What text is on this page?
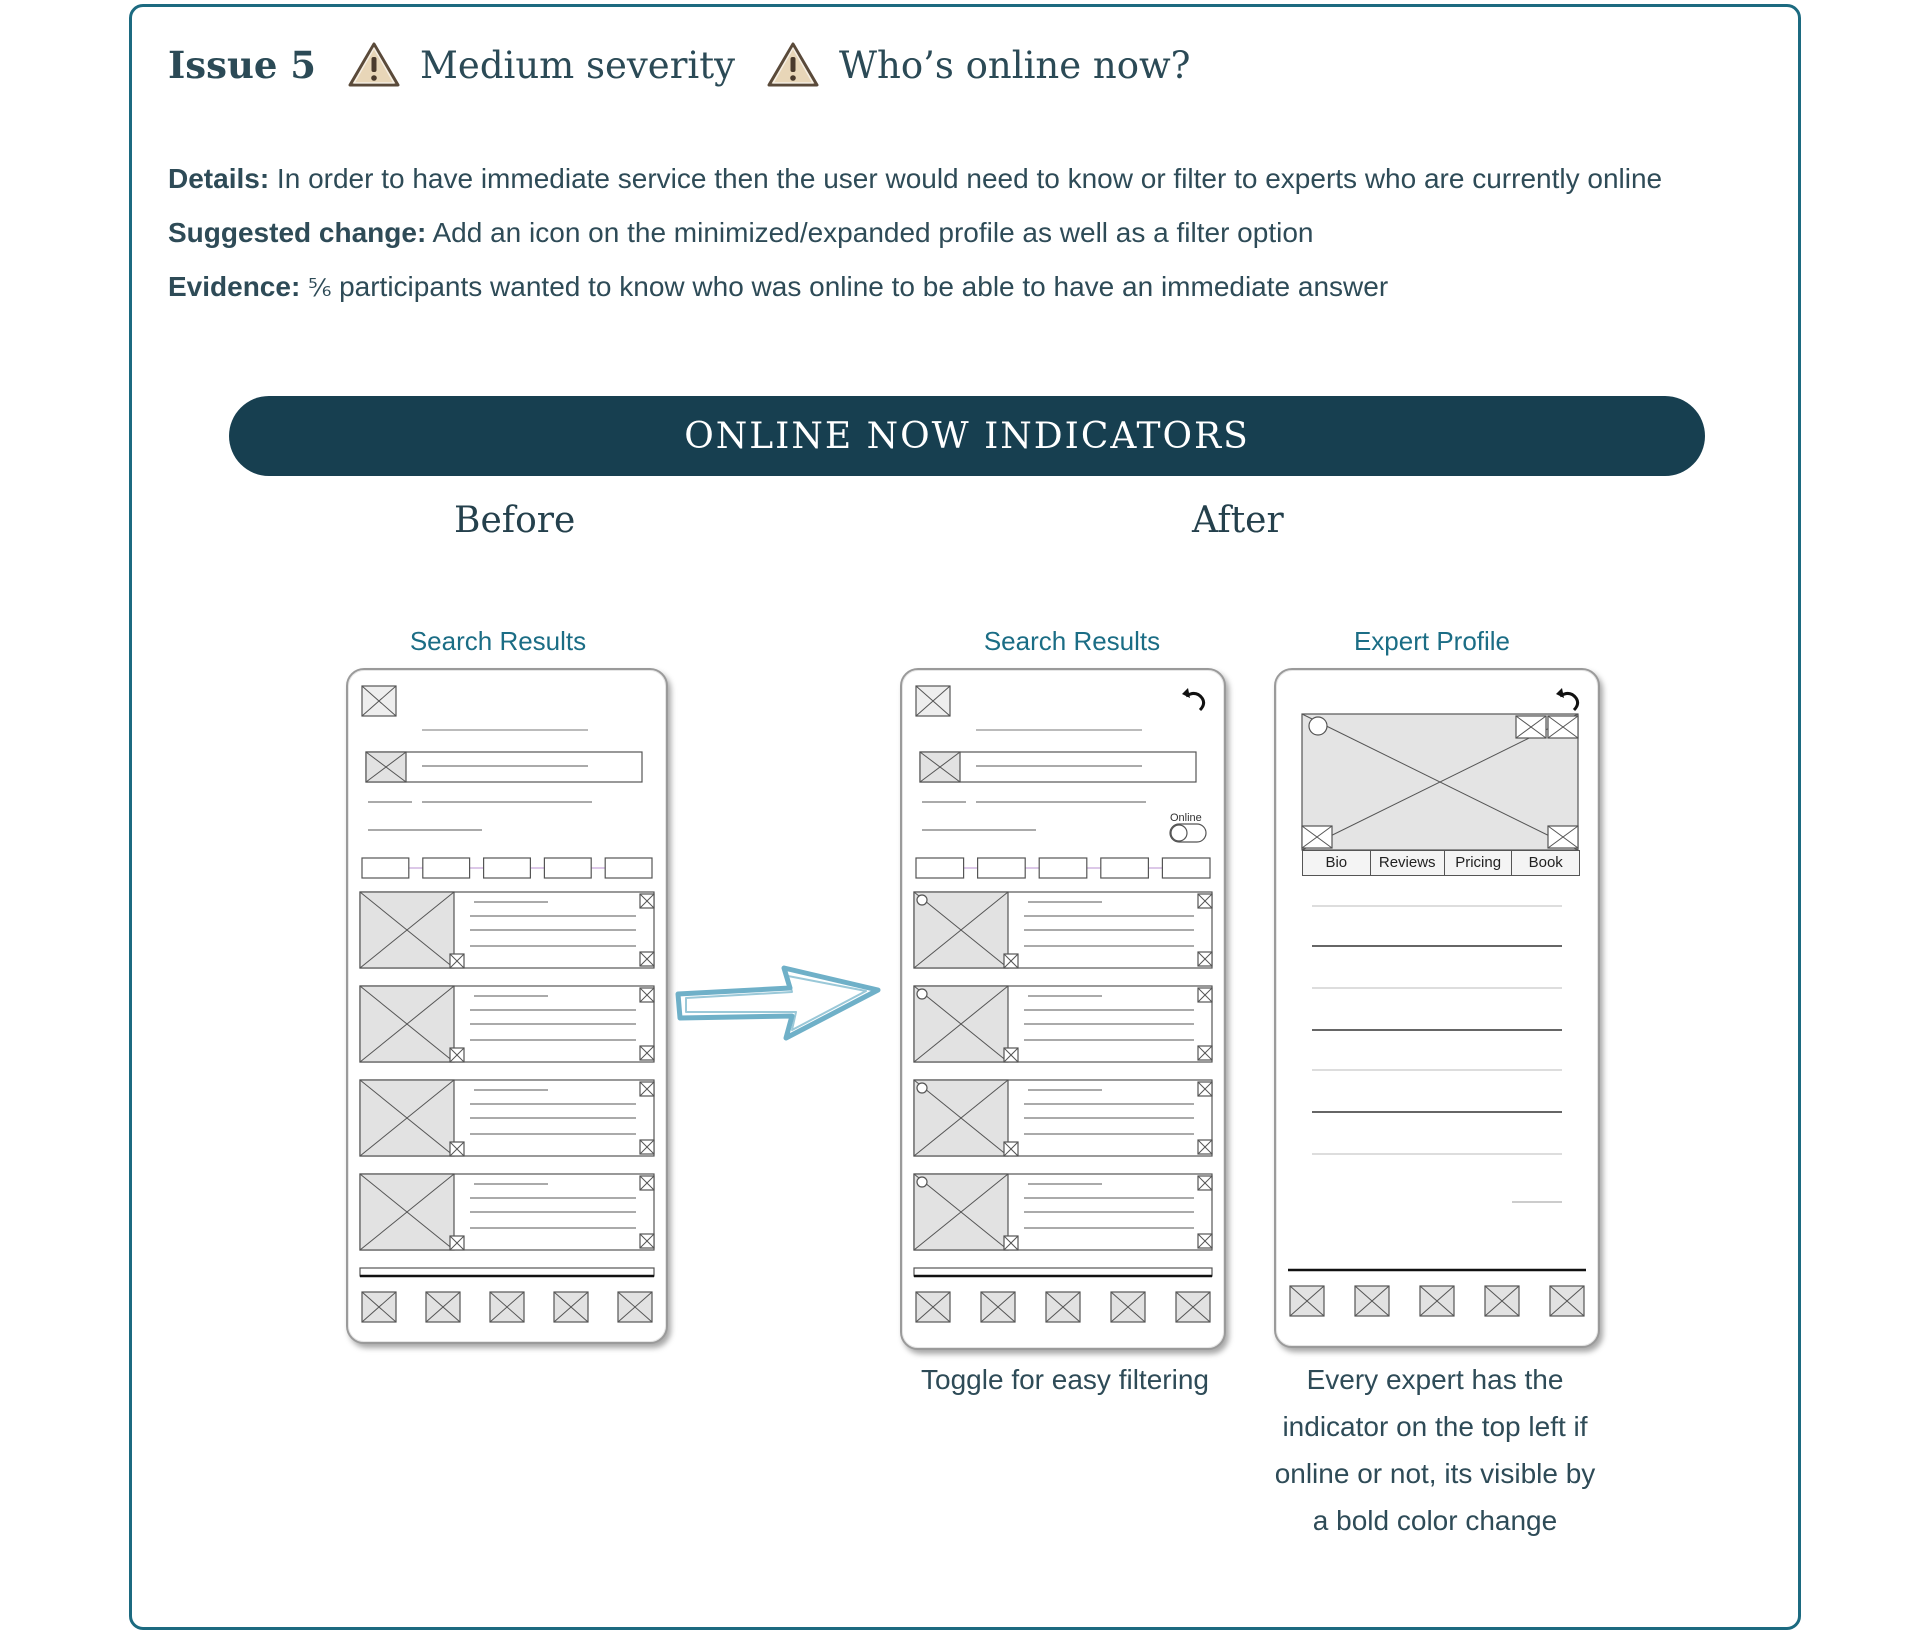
Issue 5	Medium severity	Who’s online now?
Details: In order to have immediate service then the user would need to know or filter to experts who are currently online
Suggested change: Add an icon on the minimized/expanded profile as well as a filter option
Evidence: ⁵⁄₆ participants wanted to know who was online to be able to have an immediate answer
ONLINE NOW INDICATORS
Before	After
Search Results	Search Results	Expert Profile
Online
Bio	Reviews	Pricing	Book
Toggle for easy filtering	Every expert has the indicator on the top left if online or not, its visible by a bold color change
